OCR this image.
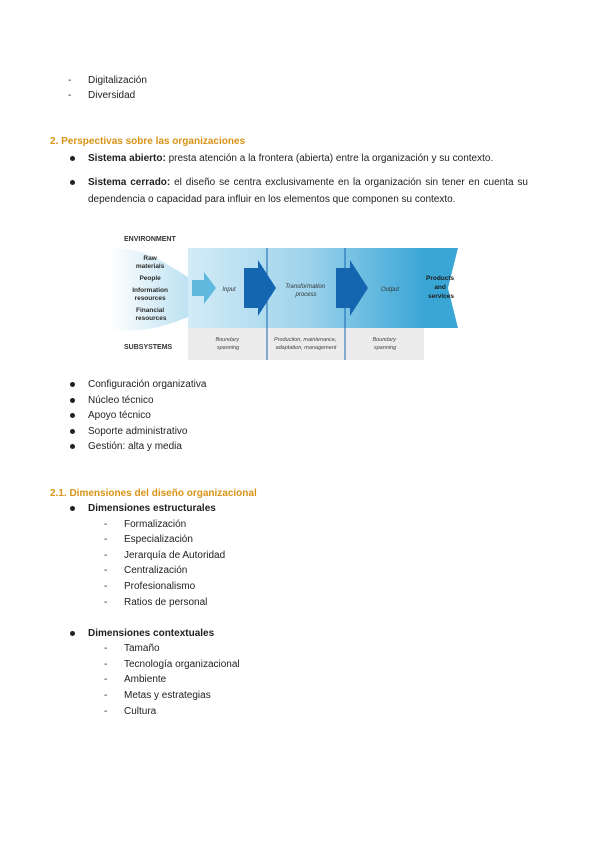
- Digitalización
- Diversidad
2. Perspectivas sobre las organizaciones
Sistema abierto: presta atención a la frontera (abierta) entre la organización y su contexto.
Sistema cerrado: el diseño se centra exclusivamente en la organización sin tener en cuenta su dependencia o capacidad para influir en los elementos que componen su contexto.
ENVIRONMENT
Raw materials People Information resources Financial resources
Input	Transformation process
Output
Products and services
SUBSYSTEMS
Boundary spanning
Production, maintenance, adaptation, management
Boundary spanning
Configuración organizativa
Núcleo técnico
Apoyo técnico
Soporte administrativo
Gestión: alta y media
2.1. Dimensiones del diseño organizacional
Dimensiones estructurales
- Formalización
- Especialización
- Jerarquía de Autoridad
- Centralización
- Profesionalismo
- Ratios de personal
Dimensiones contextuales
- Tamaño
- Tecnología organizacional
- Ambiente
- Metas y estrategias
- Cultura
